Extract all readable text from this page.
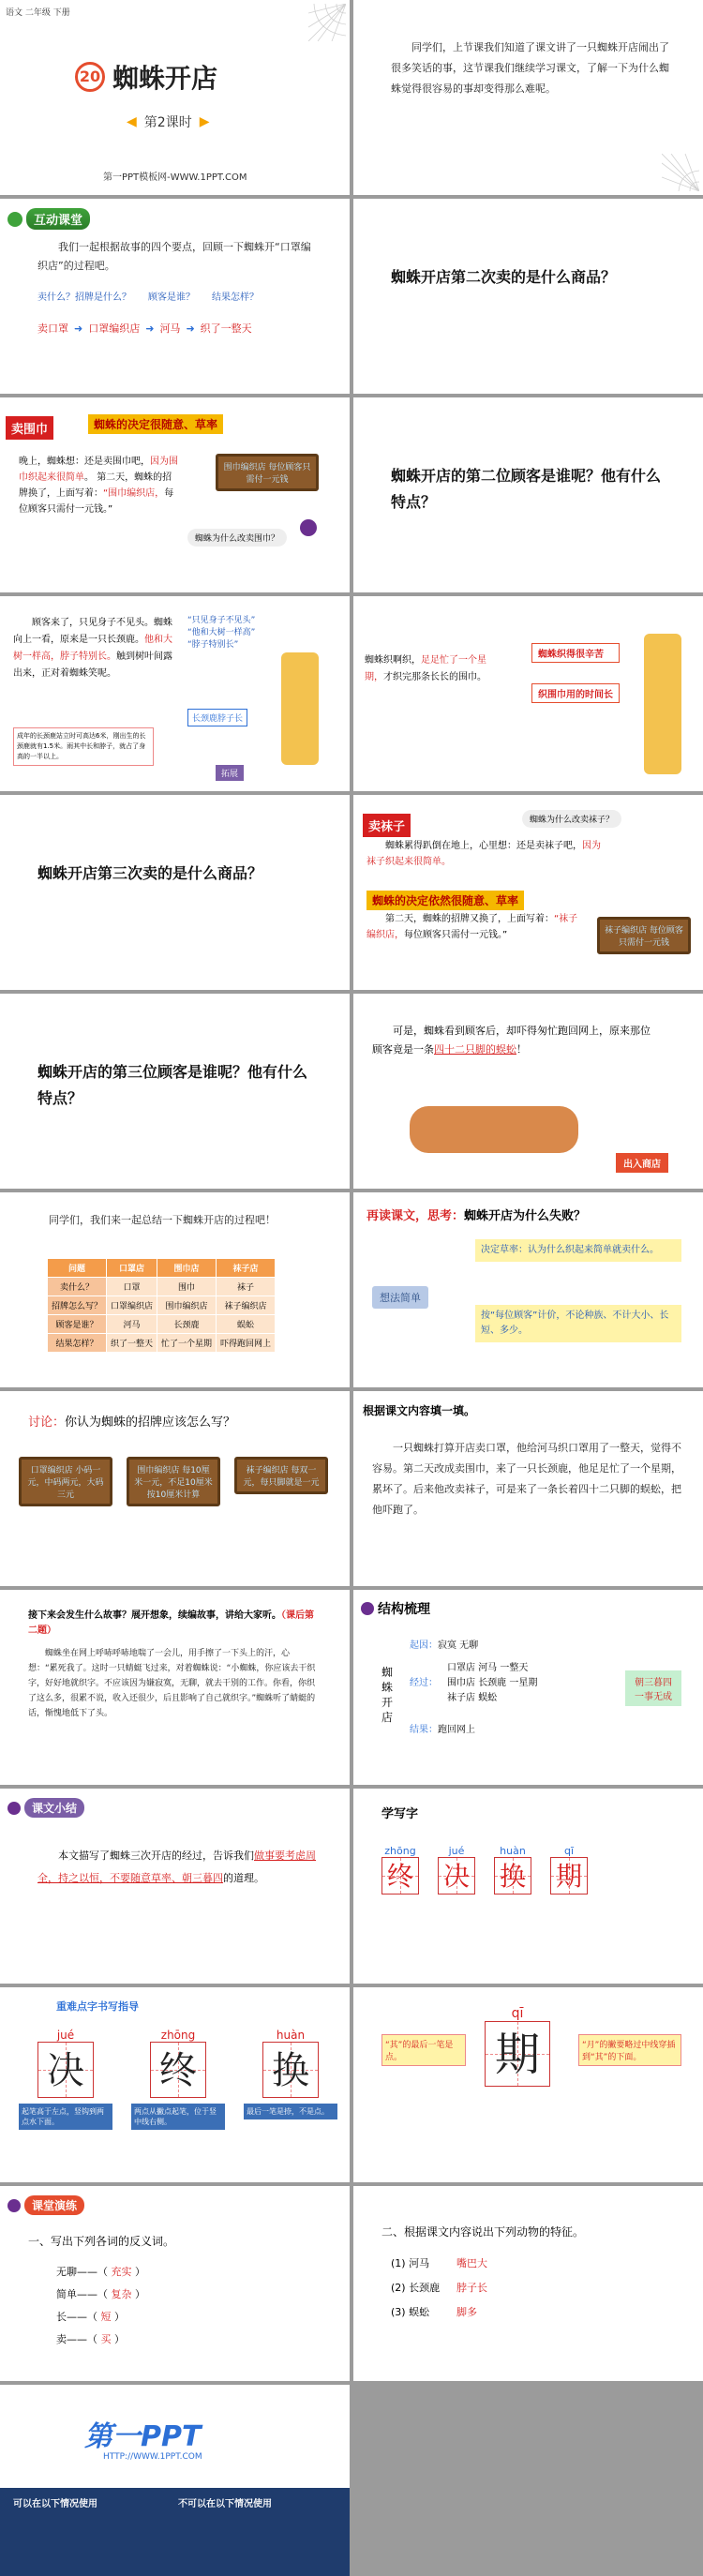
语文 二年级 下册
20 蜘蛛开店
◀ 第2课时 ▶
第一PPT模板网-WWW.1PPT.COM
同学们，上节课我们知道了课文讲了一只蜘蛛开店闹出了很多笑话的事，这节课我们继续学习课文，了解一下为什么蜘蛛觉得很容易的事却变得那么难呢。
互动课堂
我们一起根据故事的四个要点，回顾一下蜘蛛开“口罩编织店”的过程吧。
卖什么？招牌是什么？ 顾客是谁？ 结果怎样？
卖口罩 ➜ 口罩编织店 ➜ 河马 ➜ 织了一整天
蜘蛛开店第二次卖的是什么商品？
卖围巾	蜘蛛的决定很随意、草率
晚上，蜘蛛想：还是卖围巾吧，因为围巾织起来很简单。 第二天，蜘蛛的招牌换了，上面写着：“围巾编织店，每位顾客只需付一元钱。”
围巾编织店 每位顾客只需付一元钱
蜘蛛为什么改卖围巾？
蜘蛛开店的第二位顾客是谁呢？他有什么特点？
顾客来了，只见身子不见头。蜘蛛向上一看，原来是一只长颈鹿。他和大树一样高，脖子特别长。触到树叶间露出来，正对着蜘蛛笑呢。
“只见身子不见头”
“他和大树一样高”
“脖子特别长”
长颈鹿脖子长
拓展
成年的长颈鹿站立时可高达6米，刚出生的长颈鹿就有1.5米。雨其中长和脖子，就占了身高的一半以上。
蜘蛛织啊织，足足忙了一个星期，才织完那条长长的围巾。
蜘蛛织得很辛苦
织围巾用的时间长
蜘蛛开店第三次卖的是什么商品？
卖袜子	蜘蛛为什么改卖袜子？
蜘蛛累得趴倒在地上，心里想：还是卖袜子吧，因为袜子织起来很简单。
蜘蛛的决定依然很随意、草率
第二天，蜘蛛的招牌又换了，上面写着：“袜子编织店，每位顾客只需付一元钱。”	袜子编织店 每位顾客只需付一元钱
蜘蛛开店的第三位顾客是谁呢？他有什么特点？
可是，蜘蛛看到顾客后，却吓得匆忙跑回网上，原来那位顾客竟是一条四十二只脚的蜈蚣！
出入商店
同学们，我们来一起总结一下蜘蛛开店的过程吧！
问题	口罩店	围巾店	袜子店
卖什么？	口罩	围巾	袜子
招牌怎么写？	口罩编织店	围巾编织店	袜子编织店
顾客是谁？	河马	长颈鹿	蜈蚣
结果怎样？	织了一整天	忙了一个星期	吓得跑回网上
再读课文，思考：蜘蛛开店为什么失败？
想法简单
决定草率：认为什么织起来简单就卖什么。
按“每位顾客”计价，不论种族、不计大小、长短、多少。
讨论：你认为蜘蛛的招牌应该怎么写？
口罩编织店 小码一元，中码两元，大码三元
围巾编织店 每10厘米一元，不足10厘米按10厘米计算
袜子编织店 每双一元，每只脚就是一元
根据课文内容填一填。
一只蜘蛛打算开店卖口罩，他给河马织口罩用了一整天，觉得不容易。第二天改成卖围巾，来了一只长颈鹿，他足足忙了一个星期，累坏了。后来他改卖袜子，可是来了一条长着四十二只脚的蜈蚣，把他吓跑了。
接下来会发生什么故事？展开想象，续编故事，讲给大家听。（课后第二题）
蜘蛛坐在网上呼哧呼哧地喘了一会儿，用手擦了一下头上的汗，心想：“累死我了。这时一只蜻蜓飞过来，对着蜘蛛说：“小蜘蛛，你应该去干织字，好好地就织字。不应该因为嫌寂寞，无聊，就去干别的工作。你看，你织了这么多，很累不说，收入还很少，后且影响了自己就织字。”蜘蛛听了蜻蜓的话，惭愧地低下了头。
结构梳理
蜘蛛开店
起因：寂寞 无聊
经过：
口罩店 河马 一整天
围巾店 长颈鹿 一星期
袜子店 蜈蚣
结果：跑回网上
朝三暮四 一事无成
课文小结
本文描写了蜘蛛三次开店的经过，告诉我们做事要考虑周全，持之以恒，不要随意草率、朝三暮四的道理。
学写字
zhōng
终
jué
决
huàn
换
qī
期
重难点字书写指导
jué
决
起笔高于左点，竖钩到两点水下面。
zhōng
终
两点从撇点起笔，位于竖中线右侧。
huàn
换
最后一笔是捺，不是点。
“其”的最后一笔是点。
qī
期	“月”的撇要略过中线穿插到“其”的下面。
课堂演练
一、写出下列各词的反义词。
无聊——（ 充实 ）
简单——（ 复杂 ）
长——（ 短 ）
卖——（ 买 ）
二、根据课文内容说出下列动物的特征。
(1) 河马	嘴巴大
(2) 长颈鹿 脖子长
(3) 蜈蚣	脚多
第一PPT
HTTP://WWW.1PPT.COM
可以在以下情况使用	不可以在以下情况使用
